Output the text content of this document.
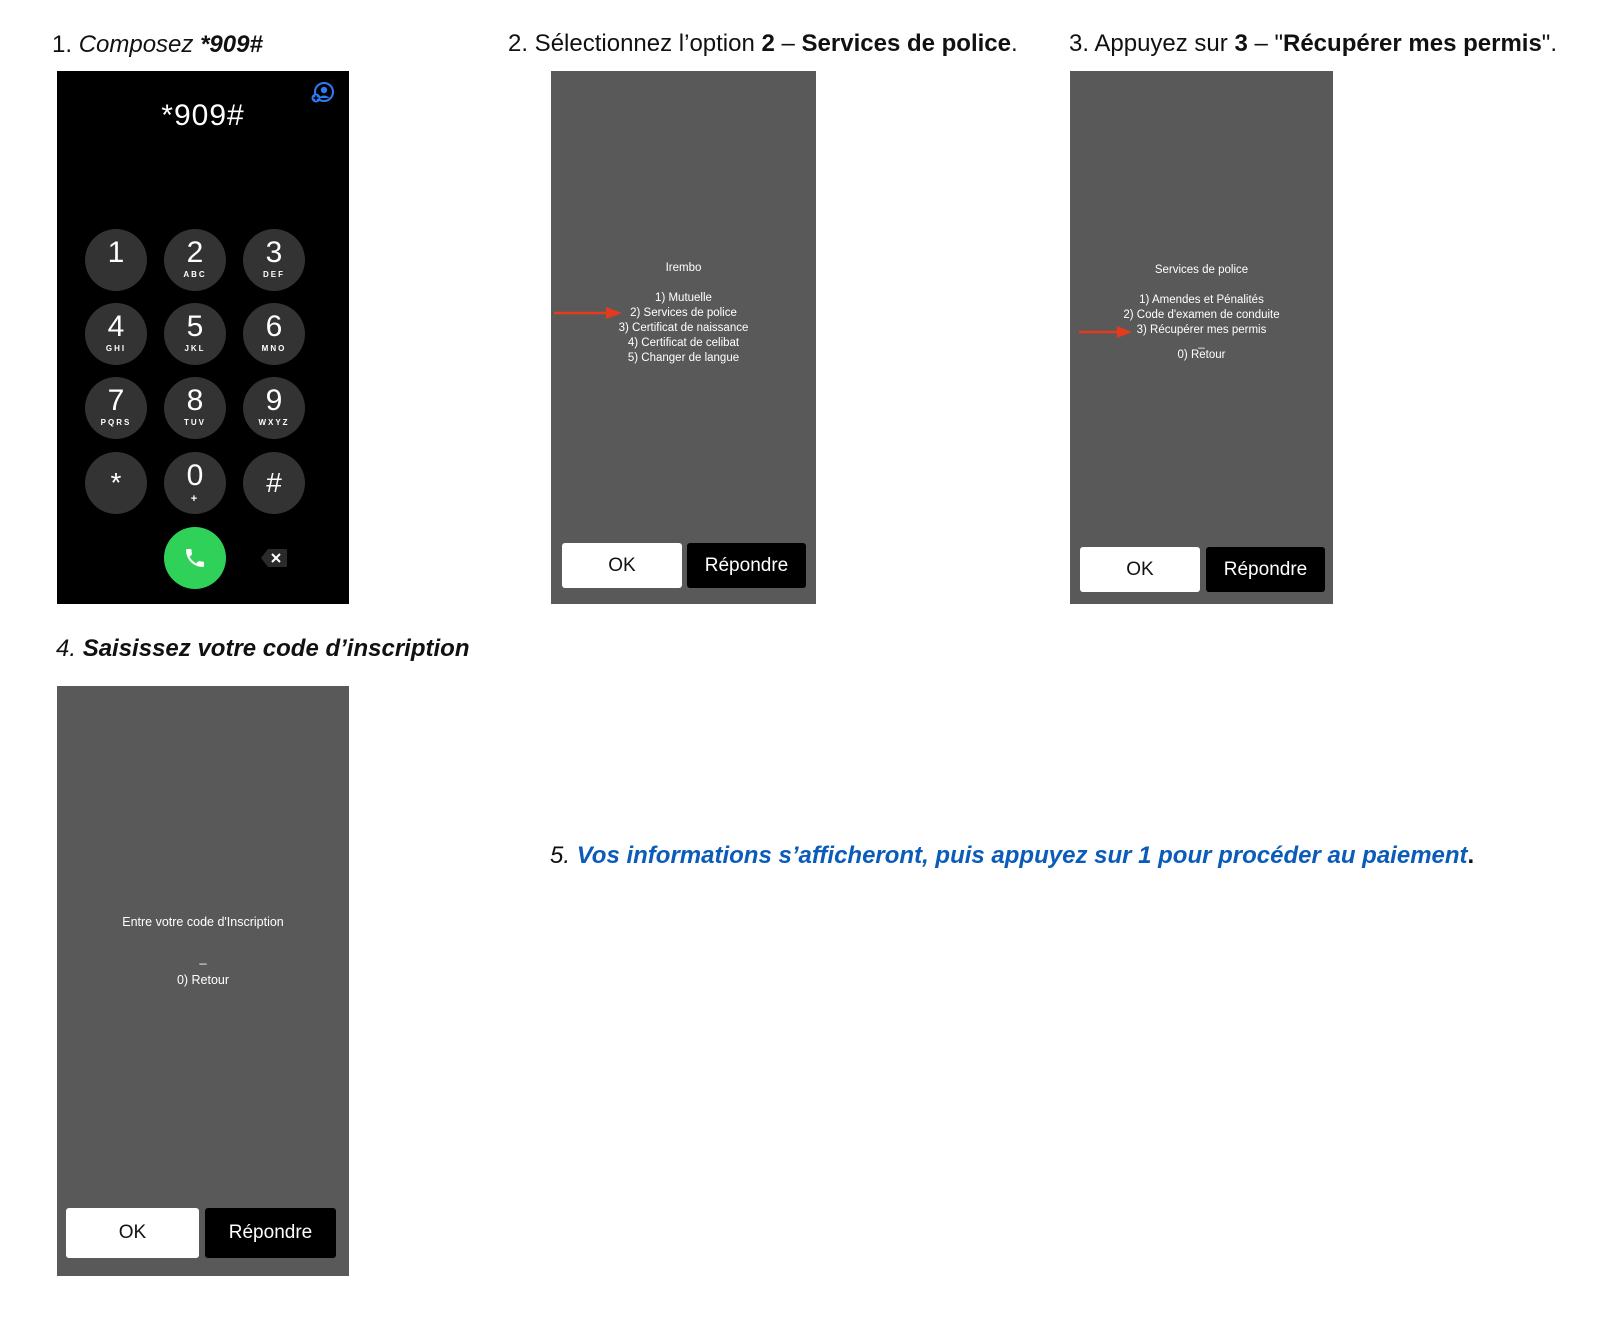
1. Composez *909#	2. Sélectionnez l’option 2 – Services de police. 3. Appuyez sur 3 – "Récupérer mes permis".
4. Saisissez votre code d’inscription
5. Vos informations s’afficheront, puis appuyez sur 1 pour procéder au paiement.
*909#
1	2
ABC
3
DEF
4
GHI
5
JKL
6
MNO
7
PQRS
8
TUV
9
WXYZ
*	0
+
#
Irembo
1) Mutuelle
2) Services de police
3) Certificat de naissance
4) Certificat de celibat
5) Changer de langue
OK	Répondre
Services de police
1) Amendes et Pénalités
2) Code d'examen de conduite
3) Récupérer mes permis
_
0) Retour
OK	Répondre
Entre votre code d'Inscription
_
0) Retour
OK	Répondre
